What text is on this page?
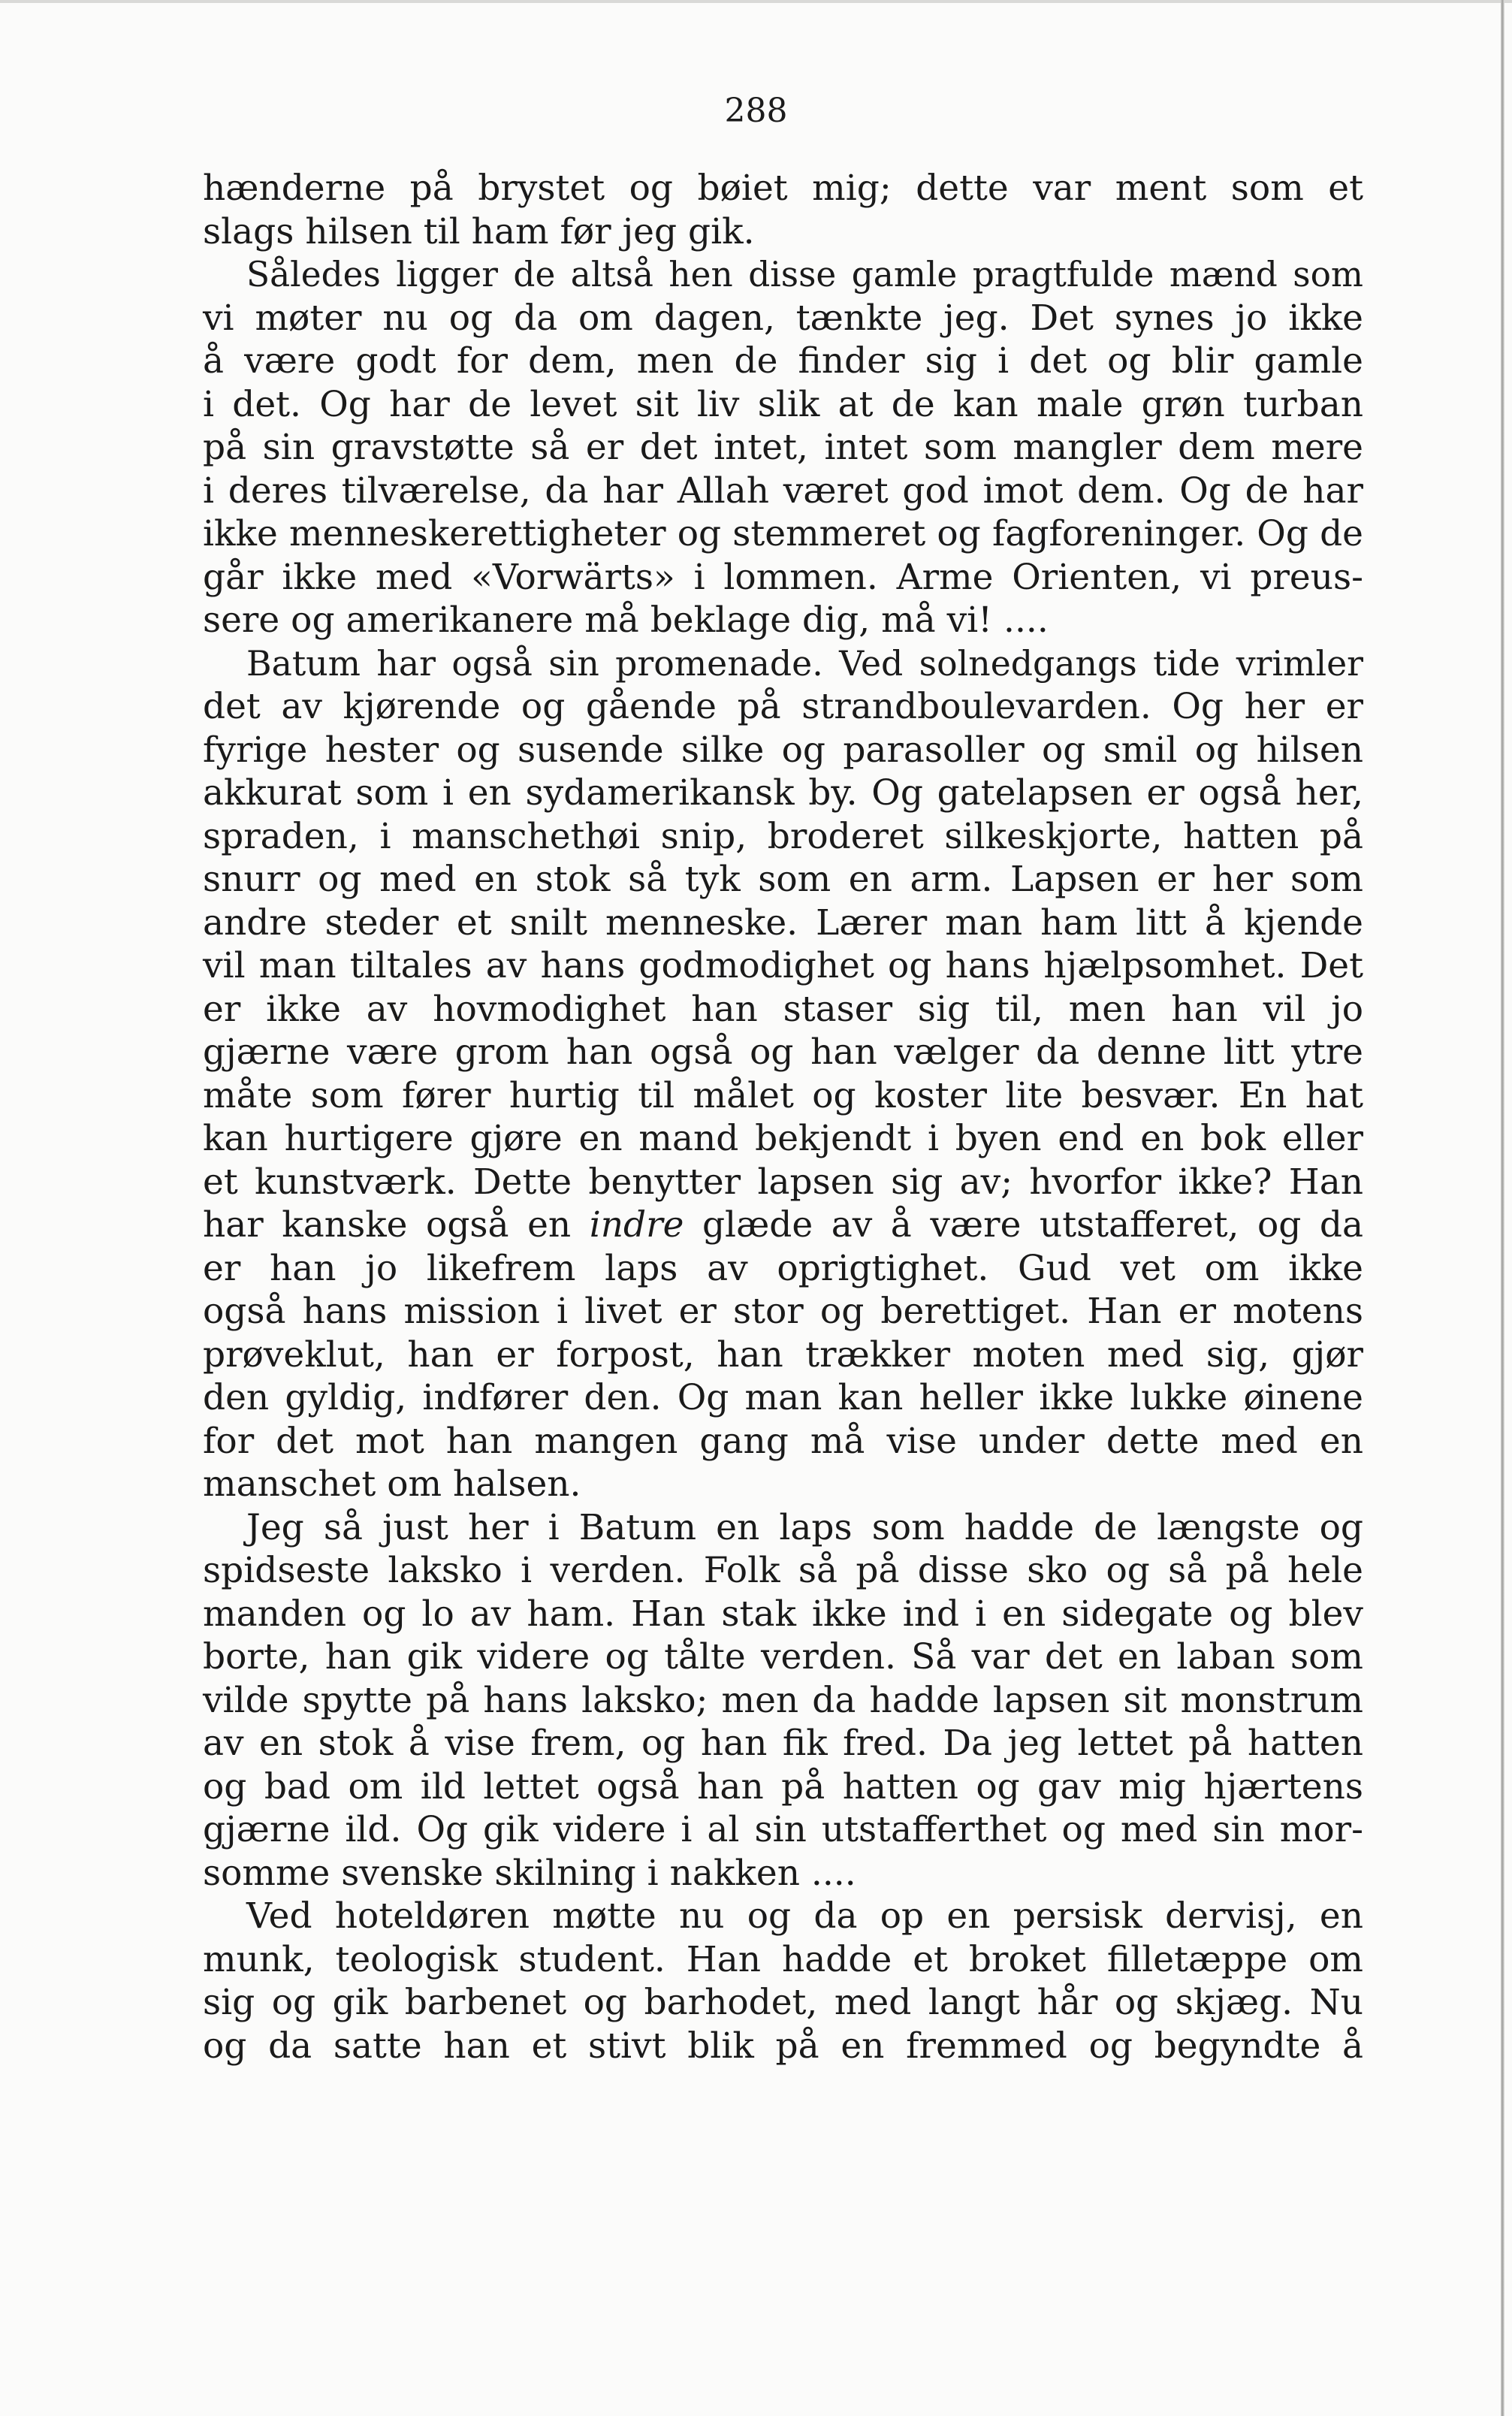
288
hænderne på brystet og bøiet mig; dette var ment som et
slags hilsen til ham før jeg gik.
Således ligger de altså hen disse gamle pragtfulde mænd som
vi møter nu og da om dagen, tænkte jeg. Det synes jo ikke
å være godt for dem, men de finder sig i det og blir gamle
i det. Og har de levet sit liv slik at de kan male grøn turban
på sin gravstøtte så er det intet, intet som mangler dem mere
i deres tilværelse, da har Allah været god imot dem. Og de har
ikke menneskerettigheter og stemmeret og fagforeninger. Og de
går ikke med «Vorwärts» i lommen. Arme Orienten, vi preus-
sere og amerikanere må beklage dig, må vi! ....
Batum har også sin promenade. Ved solnedgangs tide vrimler
det av kjørende og gående på strandboulevarden. Og her er
fyrige hester og susende silke og parasoller og smil og hilsen
akkurat som i en sydamerikansk by. Og gatelapsen er også her,
spraden, i manschethøi snip, broderet silkeskjorte, hatten på
snurr og med en stok så tyk som en arm. Lapsen er her som
andre steder et snilt menneske. Lærer man ham litt å kjende
vil man tiltales av hans godmodighet og hans hjælpsomhet. Det
er ikke av hovmodighet han staser sig til, men han vil jo
gjærne være grom han også og han vælger da denne litt ytre
måte som fører hurtig til målet og koster lite besvær. En hat
kan hurtigere gjøre en mand bekjendt i byen end en bok eller
et kunstværk. Dette benytter lapsen sig av; hvorfor ikke? Han
har kanske også en indre glæde av å være utstafferet, og da
er han jo likefrem laps av oprigtighet. Gud vet om ikke
også hans mission i livet er stor og berettiget. Han er motens
prøveklut, han er forpost, han trækker moten med sig, gjør
den gyldig, indfører den. Og man kan heller ikke lukke øinene
for det mot han mangen gang må vise under dette med en
manschet om halsen.
Jeg så just her i Batum en laps som hadde de længste og
spidseste laksko i verden. Folk så på disse sko og så på hele
manden og lo av ham. Han stak ikke ind i en sidegate og blev
borte, han gik videre og tålte verden. Så var det en laban som
vilde spytte på hans laksko; men da hadde lapsen sit monstrum
av en stok å vise frem, og han fik fred. Da jeg lettet på hatten
og bad om ild lettet også han på hatten og gav mig hjærtens
gjærne ild. Og gik videre i al sin utstafferthet og med sin mor-
somme svenske skilning i nakken ....
Ved hoteldøren møtte nu og da op en persisk dervisj, en
munk, teologisk student. Han hadde et broket filletæppe om
sig og gik barbenet og barhodet, med langt hår og skjæg. Nu
og da satte han et stivt blik på en fremmed og begyndte å
